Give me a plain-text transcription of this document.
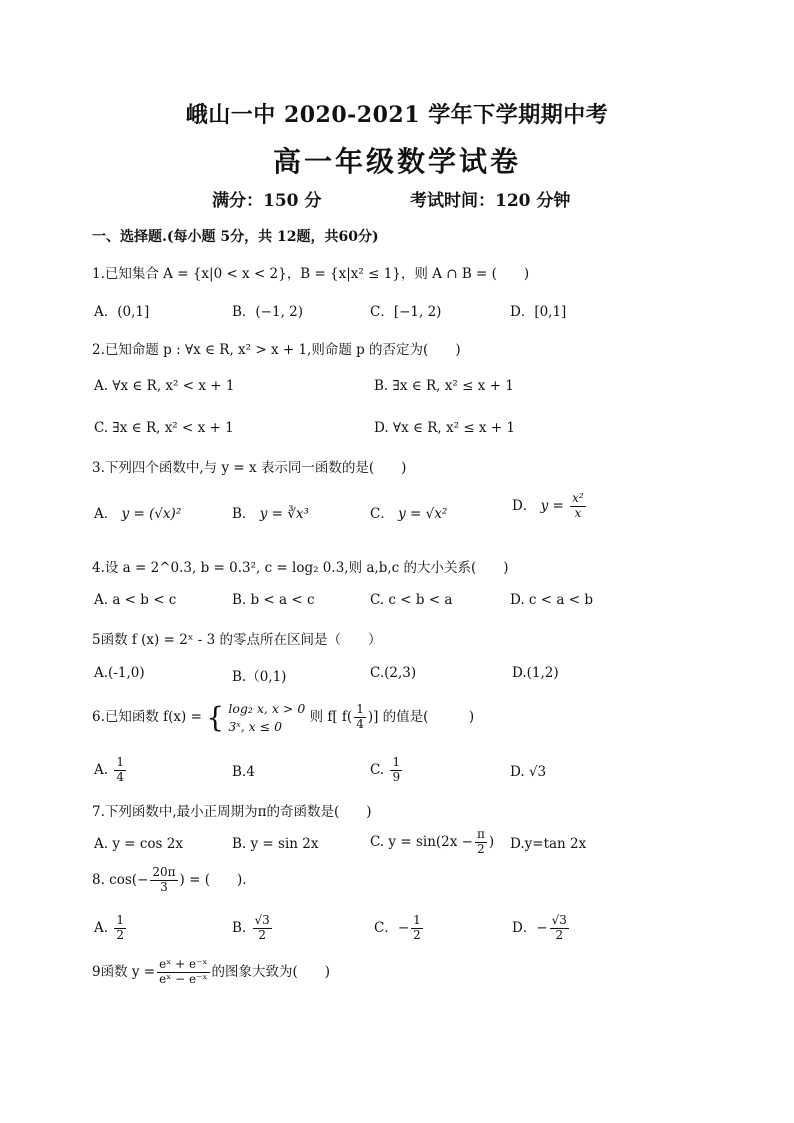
峨山一中 2020-2021 学年下学期期中考
高一年级数学试卷
满分：150 分	考试时间：120 分钟
一、选择题.(每小题 5分，共 12题，共60分)
1.已知集合 A = {x|0 < x < 2}，B = {x|x² ≤ 1}，则 A ∩ B = (　　)
A．(0,1]	B．(−1, 2)	C．[−1, 2)	D．[0,1]
2.已知命题 p : ∀x ∈ R, x² > x + 1,则命题 p 的否定为(　　)
A. ∀x ∈ R, x² < x + 1	B. ∃x ∈ R, x² ≤ x + 1
C. ∃x ∈ R, x² < x + 1	D. ∀x ∈ R, x² ≤ x + 1
3.下列四个函数中,与 y = x 表示同一函数的是(　　)
A． y = (√x)²	B． y = ∛x³	C． y = √x²
D． $y = \frac{\text{x²}}{x}$
4.设 a = 2^0.3, b = 0.3², c = log₂ 0.3,则 a,b,c 的大小关系(　　)
A. a < b < c	B. b < a < c	C. c < b < a	D. c < a < b
5函数 f (x) = 2ˣ - 3 的零点所在区间是（　　）
A.(-1,0)	B.（0,1)	C.(2,3)	D.(1,2)
6.已知函数 f(x) = { log₂ x, x > 0
3ˣ, x ≤ 0
则 f[ $f( \frac{1}{4}$ )] 的值是(　　　)
A. $\frac{1}{4}$	B.4	C. $\frac{1}{9}$	D. √3
7.下列函数中,最小正周期为π的奇函数是(　　)
A. y = cos 2x	B. y = sin 2x	C. $y = \sin(2x - \frac{\pi}{2}$ ) D.y=tan 2x
8. $\cos(- \frac{20\pi}{3}$ ) = (　　).
A. $\frac{1}{2}$	B. $\frac{√3}{2}$	C．− $\frac{1}{2}$	D．− $\frac{√3}{2}$
9函数 $y = \frac{\text{eˣ + e⁻ˣ}}{\text{eˣ − e⁻ˣ}}$ 的图象大致为(　　)
